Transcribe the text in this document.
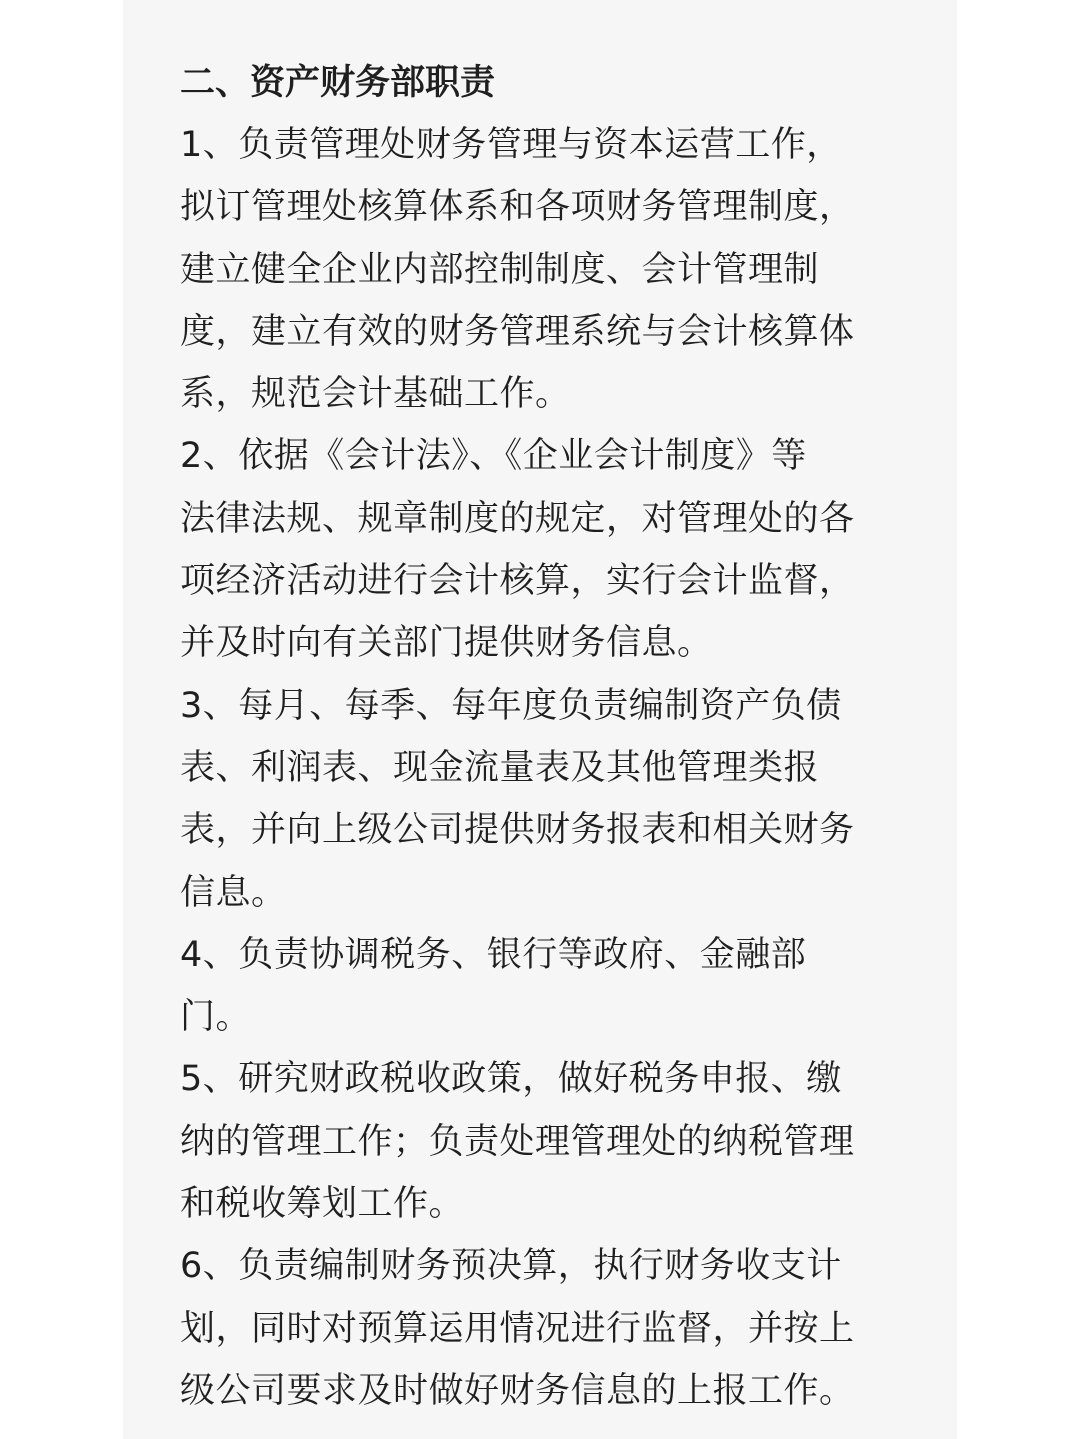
二、资产财务部职责
1、负责管理处财务管理与资本运营工作，
拟订管理处核算体系和各项财务管理制度，
建立健全企业内部控制制度、会计管理制
度，建立有效的财务管理系统与会计核算体
系，规范会计基础工作。
2、依据《会计法》、《企业会计制度》等
法律法规、规章制度的规定，对管理处的各
项经济活动进行会计核算，实行会计监督，
并及时向有关部门提供财务信息。
3、每月、每季、每年度负责编制资产负债
表、利润表、现金流量表及其他管理类报
表，并向上级公司提供财务报表和相关财务
信息。
4、负责协调税务、银行等政府、金融部
门。
5、研究财政税收政策，做好税务申报、缴
纳的管理工作；负责处理管理处的纳税管理
和税收筹划工作。
6、负责编制财务预决算，执行财务收支计
划，同时对预算运用情况进行监督，并按上
级公司要求及时做好财务信息的上报工作。
